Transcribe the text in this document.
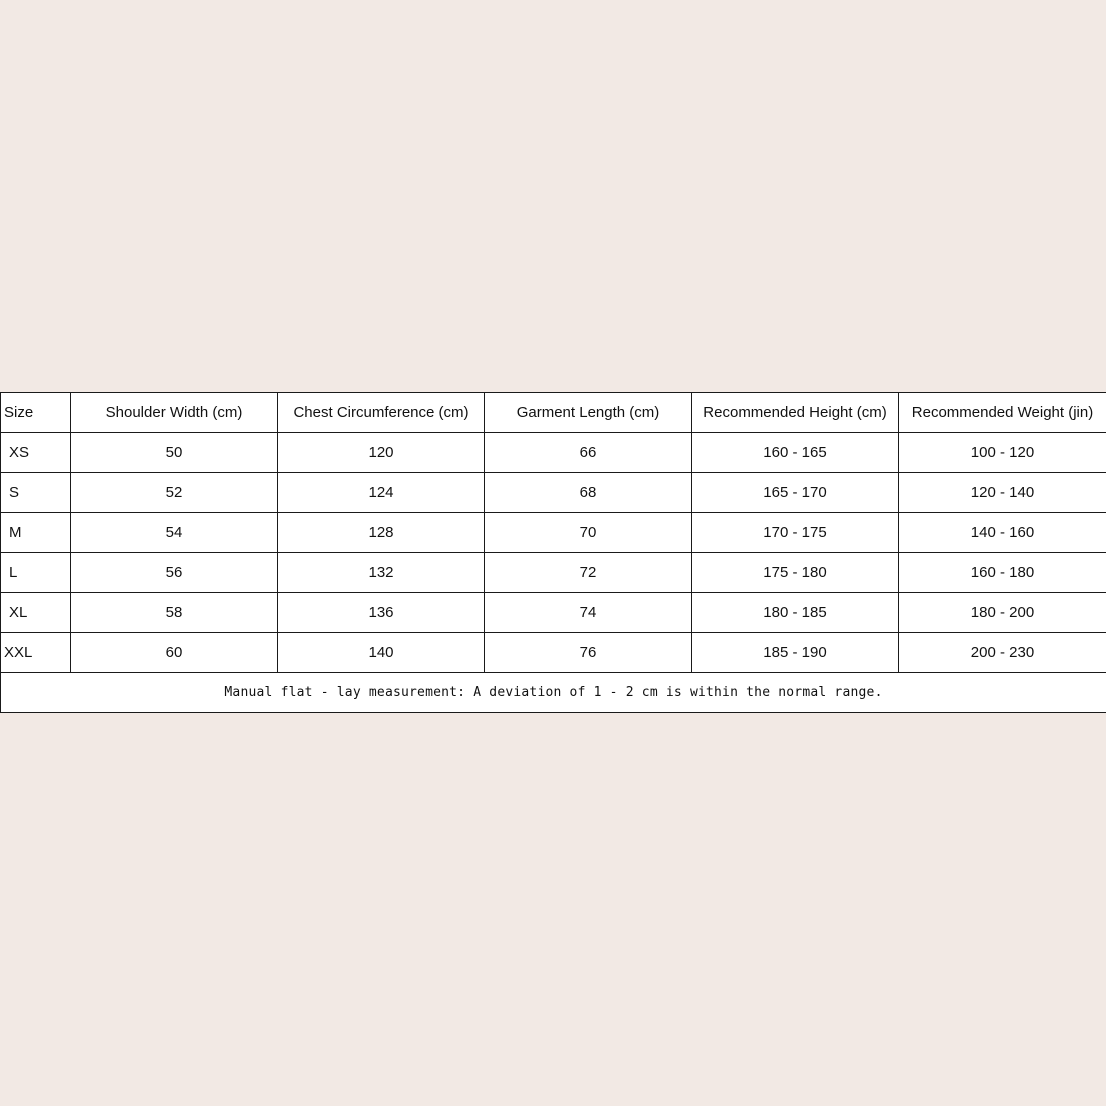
Size	Shoulder Width (cm)	Chest Circumference (cm)	Garment Length (cm)	Recommended Height (cm)	Recommended Weight (jin)
XS	50	120	66	160 - 165	100 - 120
S	52	124	68	165 - 170	120 - 140
M	54	128	70	170 - 175	140 - 160
L	56	132	72	175 - 180	160 - 180
XL	58	136	74	180 - 185	180 - 200
XXL	60	140	76	185 - 190	200 - 230
Manual flat - lay measurement: A deviation of 1 - 2 cm is within the normal range.					
